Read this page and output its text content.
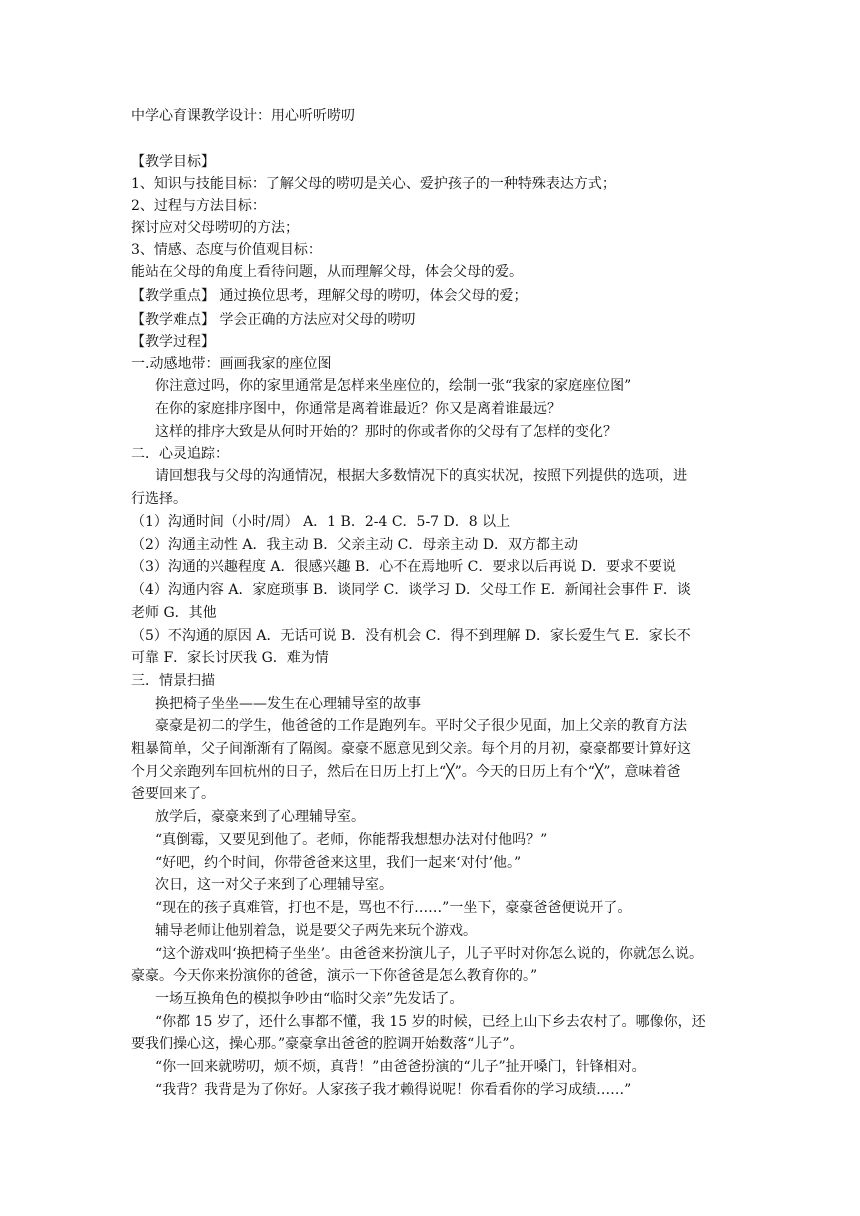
中学心育课教学设计：用心听听唠叨
【教学目标】
1、知识与技能目标：了解父母的唠叨是关心、爱护孩子的一种特殊表达方式；
2、过程与方法目标：
探讨应对父母唠叨的方法；
3、情感、态度与价值观目标：
能站在父母的角度上看待问题，从而理解父母，体会父母的爱。
【教学重点】 通过换位思考，理解父母的唠叨，体会父母的爱；
【教学难点】 学会正确的方法应对父母的唠叨
【教学过程】
一.动感地带：画画我家的座位图
你注意过吗，你的家里通常是怎样来坐座位的，绘制一张“我家的家庭座位图”
在你的家庭排序图中，你通常是离着谁最近？你又是离着谁最远？
这样的排序大致是从何时开始的？那时的你或者你的父母有了怎样的变化？
二．心灵追踪：
请回想我与父母的沟通情况，根据大多数情况下的真实状况，按照下列提供的选项，进
行选择。
（1）沟通时间（小时/周） A．1 B．2-4 C．5-7 D．8 以上
（2）沟通主动性 A．我主动 B．父亲主动 C．母亲主动 D．双方都主动
（3）沟通的兴趣程度 A．很感兴趣 B．心不在焉地听 C．要求以后再说 D．要求不要说
（4）沟通内容 A．家庭琐事 B．谈同学 C．谈学习 D．父母工作 E．新闻社会事件 F．谈
老师 G．其他
（5）不沟通的原因 A．无话可说 B．没有机会 C．得不到理解 D．家长爱生气 E．家长不
可靠 F．家长讨厌我 G．难为情
三．情景扫描
换把椅子坐坐——发生在心理辅导室的故事
豪豪是初二的学生，他爸爸的工作是跑列车。平时父子很少见面，加上父亲的教育方法
粗暴简单，父子间渐渐有了隔阂。豪豪不愿意见到父亲。每个月的月初，豪豪都要计算好这
个月父亲跑列车回杭州的日子，然后在日历上打上“╳”。今天的日历上有个“╳”，意味着爸
爸要回来了。
放学后，豪豪来到了心理辅导室。
“真倒霉，又要见到他了。老师，你能帮我想想办法对付他吗？”
“好吧，约个时间，你带爸爸来这里，我们一起来‘对付’他。”
次日，这一对父子来到了心理辅导室。
“现在的孩子真难管，打也不是，骂也不行……”一坐下，豪豪爸爸便说开了。
辅导老师让他别着急，说是要父子两先来玩个游戏。
“这个游戏叫‘换把椅子坐坐’。由爸爸来扮演儿子，儿子平时对你怎么说的，你就怎么说。
豪豪。今天你来扮演你的爸爸，演示一下你爸爸是怎么教育你的。”
一场互换角色的模拟争吵由“临时父亲”先发话了。
“你都 15 岁了，还什么事都不懂，我 15 岁的时候，已经上山下乡去农村了。哪像你，还
要我们操心这，操心那。”豪豪拿出爸爸的腔调开始数落“儿子”。
“你一回来就唠叨，烦不烦，真背！”由爸爸扮演的“儿子”扯开嗓门，针锋相对。
“我背？我背是为了你好。人家孩子我才赖得说呢！你看看你的学习成绩……”
